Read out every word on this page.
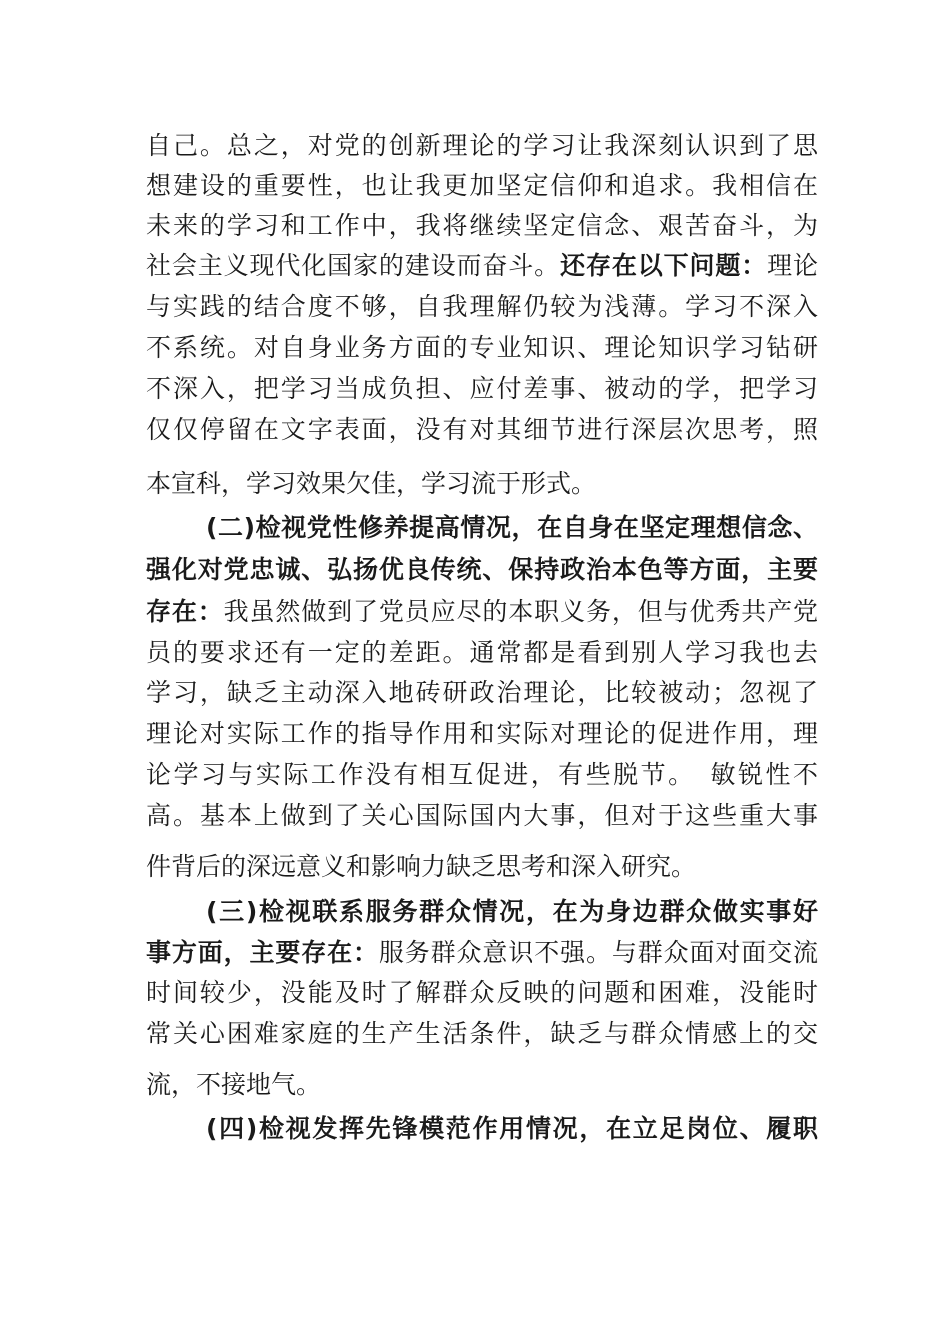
自己。总之，对党的创新理论的学习让我深刻认识到了思
想建设的重要性，也让我更加坚定信仰和追求。我相信在
未来的学习和工作中，我将继续坚定信念、艰苦奋斗，为
社会主义现代化国家的建设而奋斗。还存在以下问题：理论
与实践的结合度不够，自我理解仍较为浅薄。学习不深入
不系统。对自身业务方面的专业知识、理论知识学习钻研
不深入，把学习当成负担、应付差事、被动的学，把学习
仅仅停留在文字表面，没有对其细节进行深层次思考，照
本宣科，学习效果欠佳，学习流于形式。
(二)检视党性修养提高情况，在自身在坚定理想信念、
强化对党忠诚、弘扬优良传统、保持政治本色等方面，主要
存在：我虽然做到了党员应尽的本职义务，但与优秀共产党
员的要求还有一定的差距。通常都是看到别人学习我也去
学习，缺乏主动深入地砖研政治理论，比较被动；忽视了
理论对实际工作的指导作用和实际对理论的促进作用，理
论学习与实际工作没有相互促进，有些脱节。　敏锐性不
高。基本上做到了关心国际国内大事，但对于这些重大事
件背后的深远意义和影响力缺乏思考和深入研究。
(三)检视联系服务群众情况，在为身边群众做实事好
事方面，主要存在：服务群众意识不强。与群众面对面交流
时间较少，没能及时了解群众反映的问题和困难，没能时
常关心困难家庭的生产生活条件，缺乏与群众情感上的交
流，不接地气。
(四)检视发挥先锋模范作用情况，在立足岗位、履职
